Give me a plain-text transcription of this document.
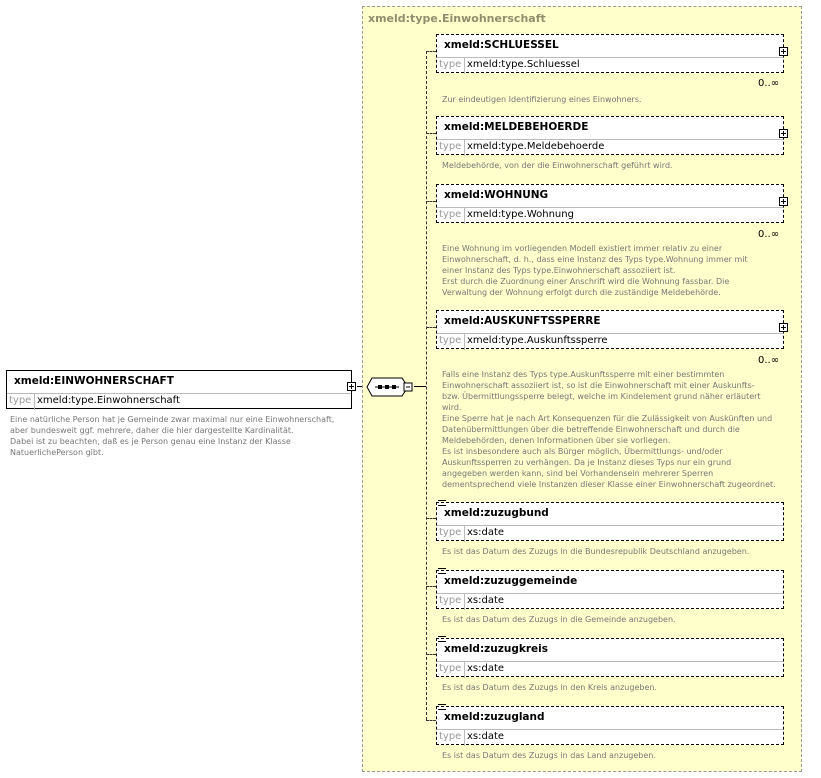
xmeld:EINWOHNERSCHAFT
type xmeld:type.Einwohnerschaft
Eine natürliche Person hat je Gemeinde zwar maximal nur eine Einwohnerschaft,
aber bundesweit ggf. mehrere, daher die hier dargestellte Kardinalität.
Dabei ist zu beachten, daß es je Person genau eine Instanz der Klasse
NatuerlichePerson gibt.
xmeld:type.Einwohnerschaft
xmeld:SCHLUESSEL
type xmeld:type.Schluessel
0..∞
Zur eindeutigen Identifizierung eines Einwohners.
xmeld:MELDEBEHOERDE
type xmeld:type.Meldebehoerde
Meldebehörde, von der die Einwohnerschaft geführt wird.
xmeld:WOHNUNG
type xmeld:type.Wohnung
0..∞
Eine Wohnung im vorliegenden Modell existiert immer relativ zu einer
Einwohnerschaft, d. h., dass eine Instanz des Typs type.Wohnung immer mit
einer Instanz des Typs type.Einwohnerschaft assoziiert ist.
Erst durch die Zuordnung einer Anschrift wird die Wohnung fassbar. Die
Verwaltung der Wohnung erfolgt durch die zuständige Meldebehörde.
xmeld:AUSKUNFTSSPERRE
type xmeld:type.Auskunftssperre
0..∞
Falls eine Instanz des Typs type.Auskunftssperre mit einer bestimmten
Einwohnerschaft assoziiert ist, so ist die Einwohnerschaft mit einer Auskunfts-
bzw. Übermittlungssperre belegt, welche im Kindelement grund näher erläutert
wird.
Eine Sperre hat je nach Art Konsequenzen für die Zulässigkeit von Auskünften und
Datenübermittlungen über die betreffende Einwohnerschaft und durch die
Meldebehörden, denen Informationen über sie vorliegen.
Es ist insbesondere auch als Bürger möglich, Übermittlungs- und/oder
Auskunftssperren zu verhängen. Da je Instanz dieses Typs nur ein grund
angegeben werden kann, sind bei Vorhandensein mehrerer Sperren
dementsprechend viele Instanzen dieser Klasse einer Einwohnerschaft zugeordnet.
xmeld:zuzugbund
type xs:date
Es ist das Datum des Zuzugs in die Bundesrepublik Deutschland anzugeben.
xmeld:zuzuggemeinde
type xs:date
Es ist das Datum des Zuzugs in die Gemeinde anzugeben.
xmeld:zuzugkreis
type xs:date
Es ist das Datum des Zuzugs in den Kreis anzugeben.
xmeld:zuzugland
type xs:date
Es ist das Datum des Zuzugs in das Land anzugeben.
